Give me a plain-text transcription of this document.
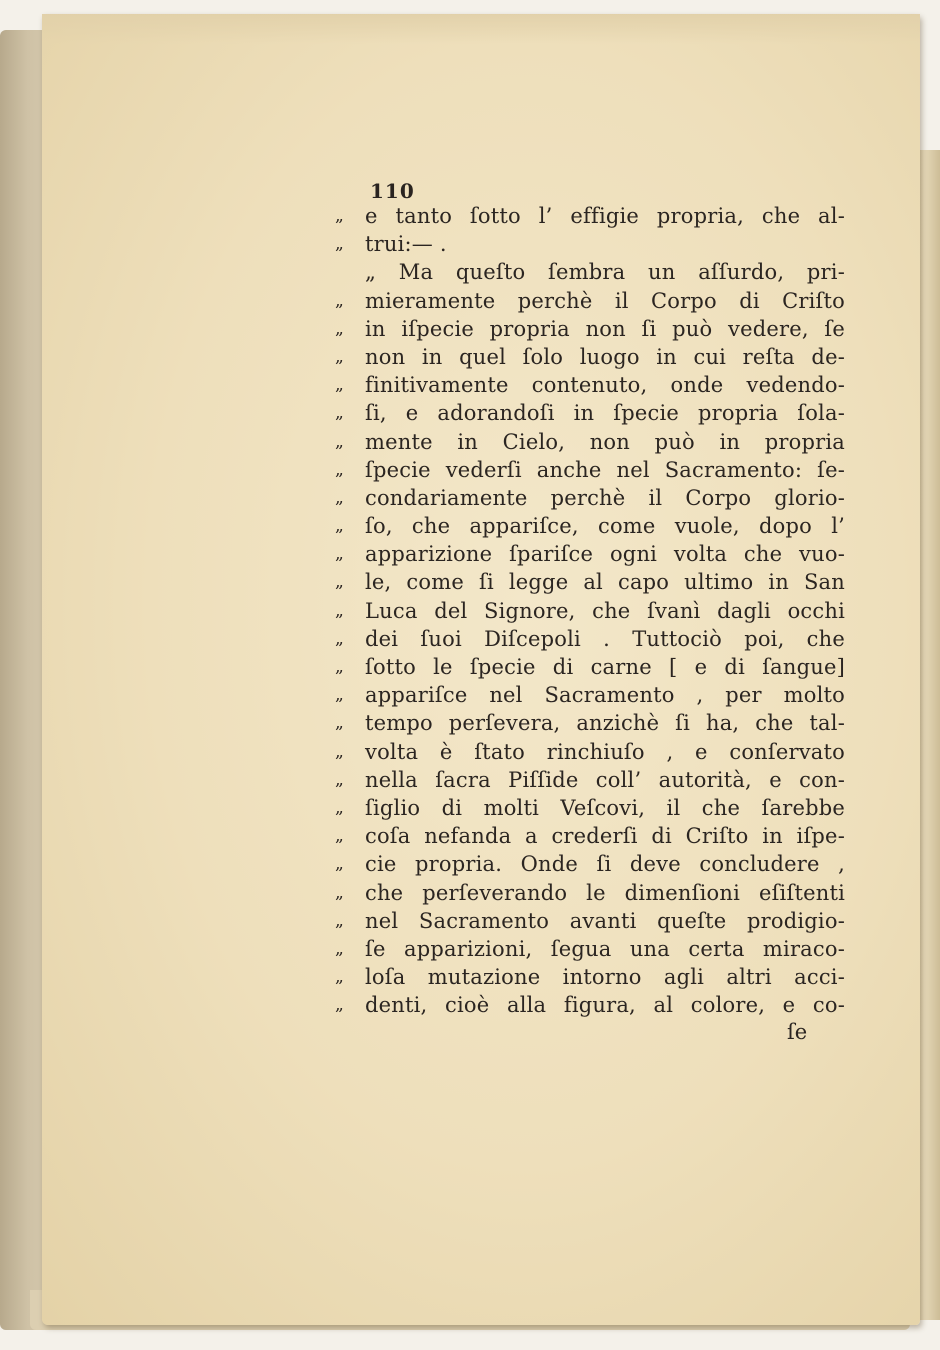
110
„	e tanto ſotto l’ effigie propria, che al-
„	trui:— .
„ Ma queſto ſembra un aſſurdo, pri-
„	mieramente perchè il Corpo di Criſto
„	in iſpecie propria non ſi può vedere, ſe
„	non in quel ſolo luogo in cui reſta de-
„	finitivamente contenuto, onde vedendo-
„	ſi, e adorandoſi in ſpecie propria ſola-
„	mente in Cielo, non può in propria
„	ſpecie vederſi anche nel Sacramento: ſe-
„	condariamente perchè il Corpo glorio-
„	ſo, che appariſce, come vuole, dopo l’
„	apparizione ſpariſce ogni volta che vuo-
„	le, come ſi legge al capo ultimo in San
„	Luca del Signore, che ſvanì dagli occhi
„	dei ſuoi Diſcepoli . Tuttociò poi, che
„	ſotto le ſpecie di carne [ e di ſangue]
„	appariſce nel Sacramento , per molto
„	tempo perſevera, anzichè ſi ha, che tal-
„	volta è ſtato rinchiuſo , e conſervato
„	nella ſacra Piſſide coll’ autorità, e con-
„	ſiglio di molti Veſcovi, il che ſarebbe
„	coſa nefanda a crederſi di Criſto in iſpe-
„	cie propria. Onde ſi deve concludere ,
„	che perſeverando le dimenſioni eſiſtenti
„	nel Sacramento avanti queſte prodigio-
„	ſe apparizioni, ſegua una certa miraco-
„	loſa mutazione intorno agli altri acci-
„	denti, cioè alla figura, al colore, e co-
ſe
